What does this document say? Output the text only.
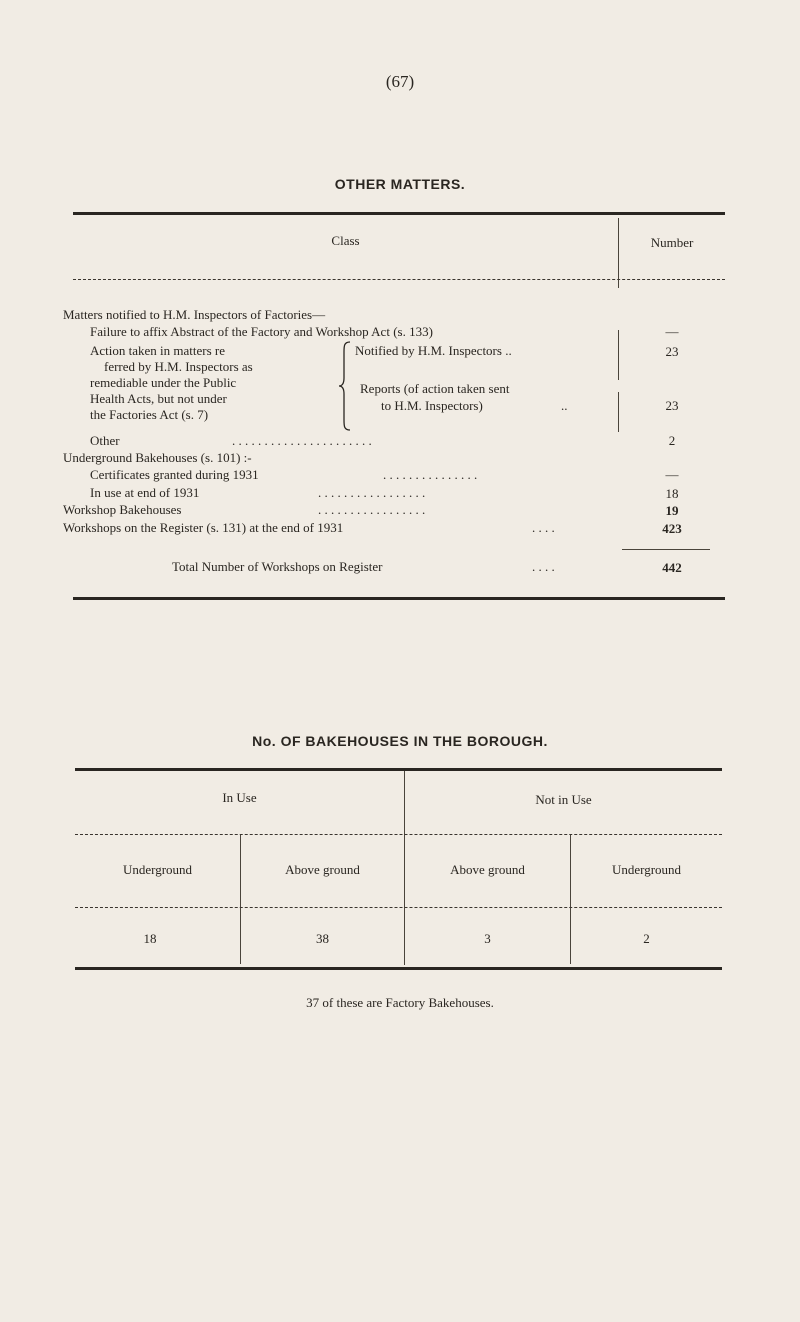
(67)
OTHER MATTERS.
Class	Number
Matters notified to H.M. Inspectors of Factories—
Failure to affix Abstract of the Factory and Workshop Act (s. 133)	—
Action taken in matters re
ferred by H.M. Inspectors as
remediable under the Public
Health Acts, but not under
the Factories Act (s. 7)
Notified by H.M. Inspectors ..	23
Reports (of action taken sent
to H.M. Inspectors)	..	23
Other	. . . . . . . . . . . . . . . . . . . . . .	2
Underground Bakehouses (s. 101) :-
Certificates granted during 1931	. . . . . . . . . . . . . . .	—
In use at end of 1931	. . . . . . . . . . . . . . . . .	18
Workshop Bakehouses	. . . . . . . . . . . . . . . . .	19
Workshops on the Register (s. 131) at the end of 1931	. . . .	423
Total Number of Workshops on Register	. . . .	442
No. OF BAKEHOUSES IN THE BOROUGH.
In Use	Not in Use
Underground	Above ground	Above ground	Underground
18	38	3	2
37 of these are Factory Bakehouses.
